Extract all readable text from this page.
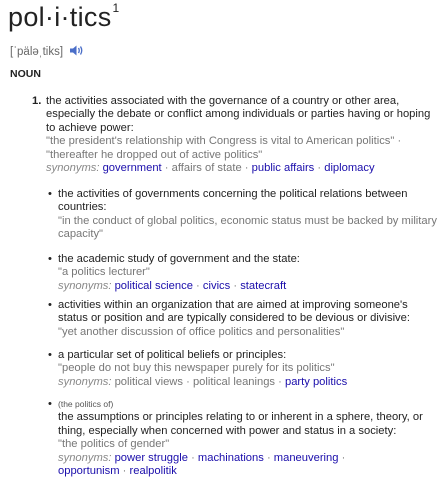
pol·i·tics$^1$
[ˈpäləˌtiks]
NOUN
1. the activities associated with the governance of a country or other area, especially the debate or conflict among individuals or parties having or hoping to achieve power:
"the president's relationship with Congress is vital to American politics" ·
"thereafter he dropped out of active politics"
synonyms: government · affairs of state · public affairs · diplomacy
• the activities of governments concerning the political relations between countries:
"in the conduct of global politics, economic status must be backed by military capacity"
• the academic study of government and the state:
"a politics lecturer"
synonyms: political science · civics · statecraft
• activities within an organization that are aimed at improving someone's status or position and are typically considered to be devious or divisive:
"yet another discussion of office politics and personalities"
• a particular set of political beliefs or principles:
"people do not buy this newspaper purely for its politics"
synonyms: political views · political leanings · party politics
• (the politics of)
the assumptions or principles relating to or inherent in a sphere, theory, or thing, especially when concerned with power and status in a society:
"the politics of gender"
synonyms: power struggle · machinations · maneuvering ·
opportunism · realpolitik
